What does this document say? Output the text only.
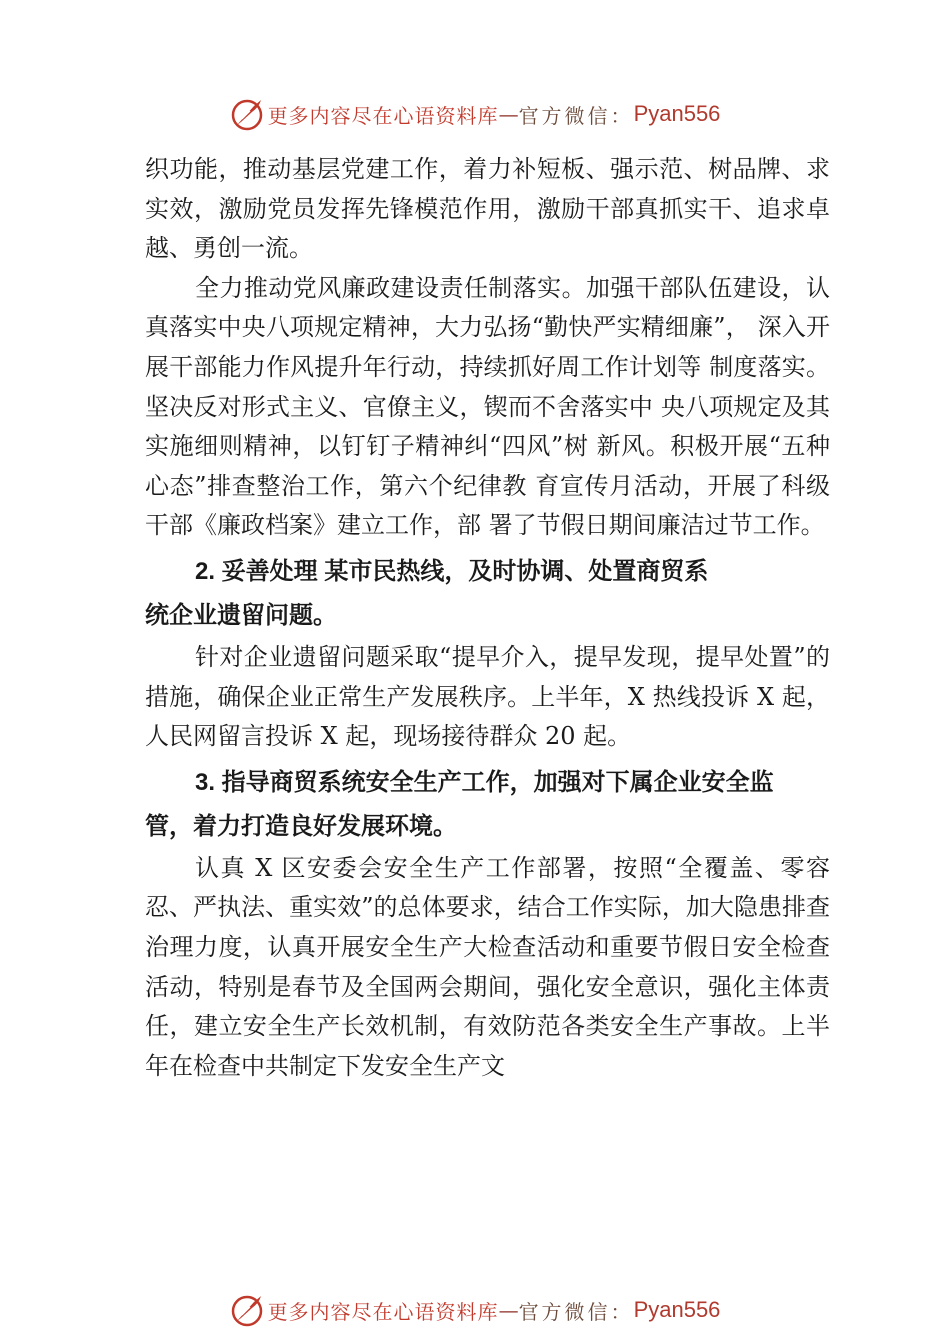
更多内容尽在心语资料库 — 官方微信： Pyan556

织功能，推动基层党建工作，着力补短板、强示范、树品牌、求实效，激励党员发挥先锋模范作用，激励干部真抓实干、追求卓越、勇创一流。

全力推动党风廉政建设责任制落实。加强干部队伍建设，认真落实中央八项规定精神，大力弘扬“勤快严实精细廉”， 深入开展干部能力作风提升年行动，持续抓好周工作计划等 制度落实。坚决反对形式主义、官僚主义，锲而不舍落实中 央八项规定及其实施细则精神，以钉钉子精神纠“四风”树 新风。积极开展“五种心态”排查整治工作，第六个纪律教 育宣传月活动，开展了科级干部《廉政档案》建立工作，部 署了节假日期间廉洁过节工作。

2. 妥善处理 某市民热线，及时协调、处置商贸系
统企业遗留问题。

针对企业遗留问题采取“提早介入，提早发现，提早处置”的措施，确保企业正常生产发展秩序。上半年，X 热线投诉 X 起，人民网留言投诉 X 起，现场接待群众 20 起。

3. 指导商贸系统安全生产工作，加强对下属企业安全监
管，着力打造良好发展环境。

认真 X 区安委会安全生产工作部署，按照“全覆盖、零容忍、严执法、重实效”的总体要求，结合工作实际，加大隐患排查治理力度，认真开展安全生产大检查活动和重要节假日安全检查活动，特别是春节及全国两会期间，强化安全意识，强化主体责任，建立安全生产长效机制，有效防范各类安全生产事故。上半年在检查中共制定下发安全生产文

更多内容尽在心语资料库 — 官方微信： Pyan556
